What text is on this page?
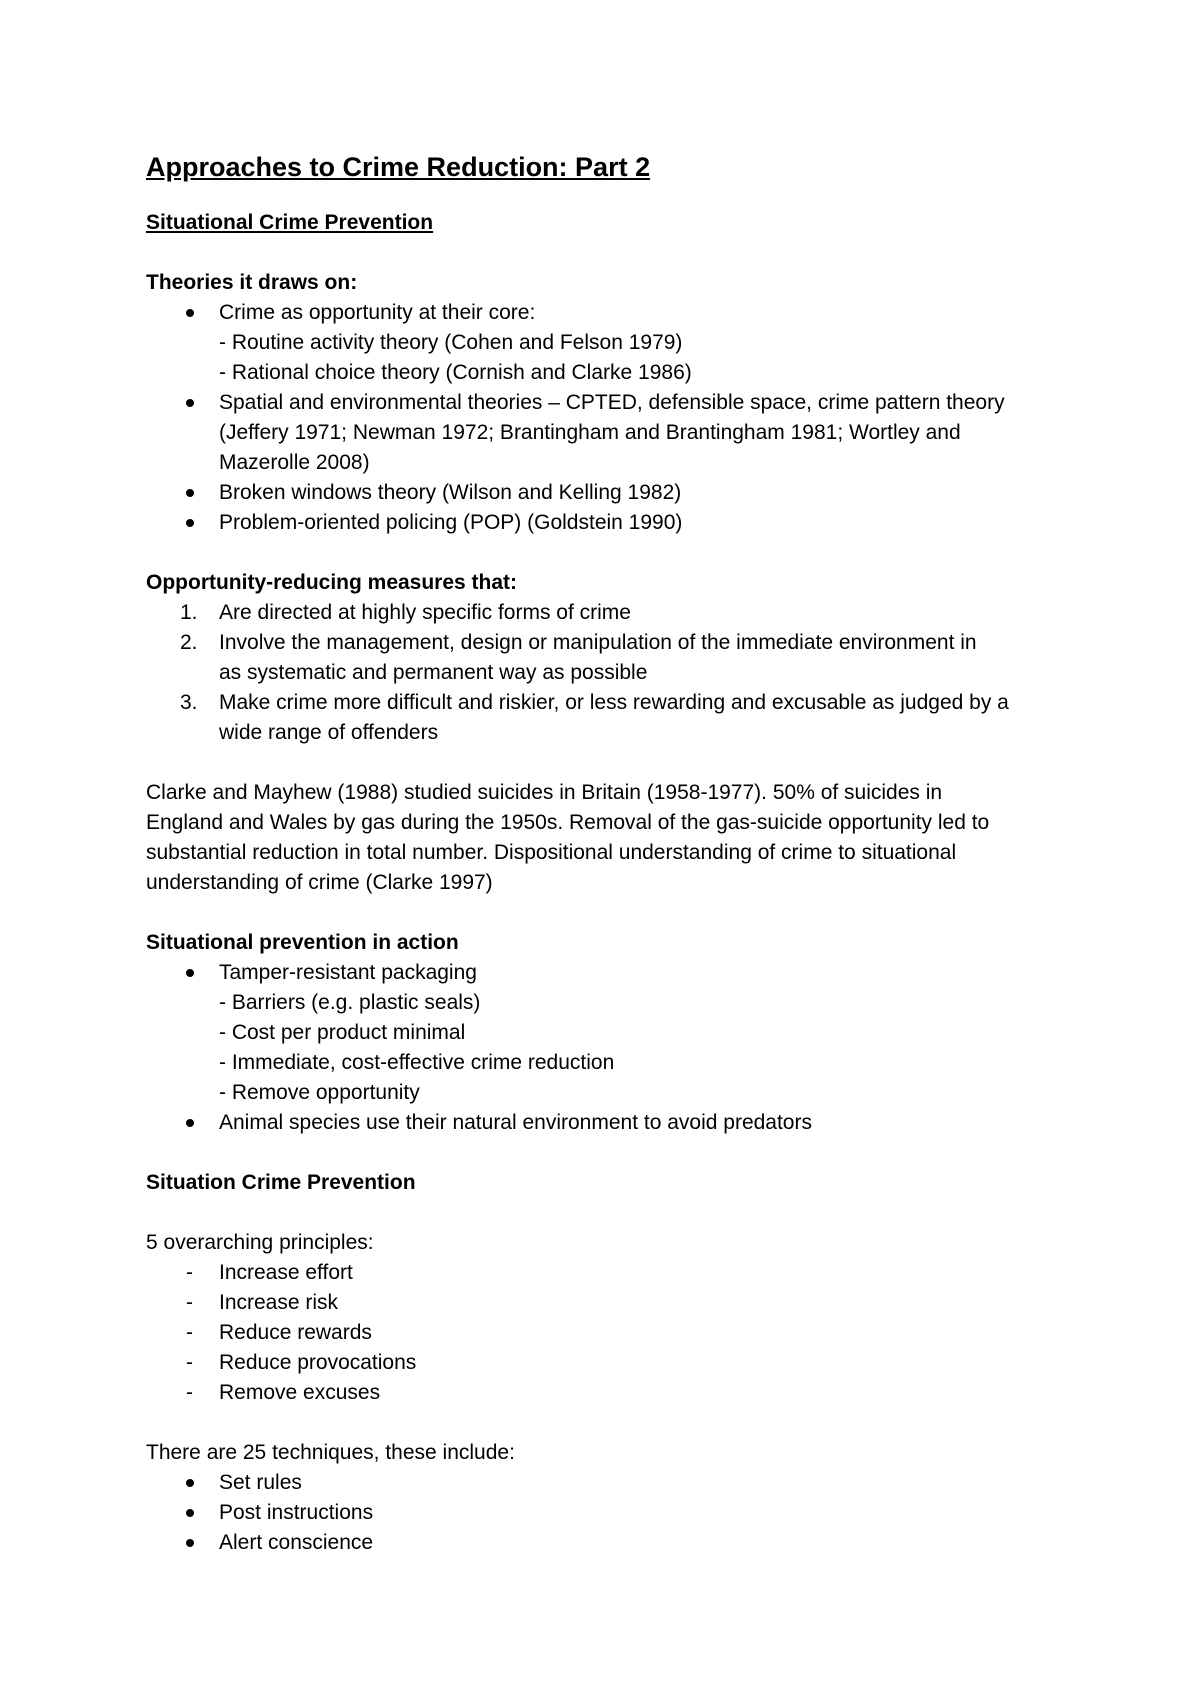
Approaches to Crime Reduction: Part 2

Situational Crime Prevention

Theories it draws on:

Crime as opportunity at their core:
- Routine activity theory (Cohen and Felson 1979)
- Rational choice theory (Cornish and Clarke 1986)
Spatial and environmental theories – CPTED, defensible space, crime pattern theory
(Jeffery 1971; Newman 1972; Brantingham and Brantingham 1981; Wortley and
Mazerolle 2008)
Broken windows theory (Wilson and Kelling 1982)
Problem-oriented policing (POP) (Goldstein 1990)

Opportunity-reducing measures that:

1.	Are directed at highly specific forms of crime
2.	Involve the management, design or manipulation of the immediate environment in
as systematic and permanent way as possible
3.	Make crime more difficult and riskier, or less rewarding and excusable as judged by a
wide range of offenders
Clarke and Mayhew (1988) studied suicides in Britain (1958-1977). 50% of suicides in
England and Wales by gas during the 1950s. Removal of the gas-suicide opportunity led to
substantial reduction in total number. Dispositional understanding of crime to situational
understanding of crime (Clarke 1997)

Situational prevention in action

Tamper-resistant packaging
- Barriers (e.g. plastic seals)
- Cost per product minimal
- Immediate, cost-effective crime reduction
- Remove opportunity
Animal species use their natural environment to avoid predators

Situation Crime Prevention

5 overarching principles:

-	Increase effort
-	Increase risk
-	Reduce rewards
-	Reduce provocations
-	Remove excuses

There are 25 techniques, these include:

Set rules
Post instructions
Alert conscience
